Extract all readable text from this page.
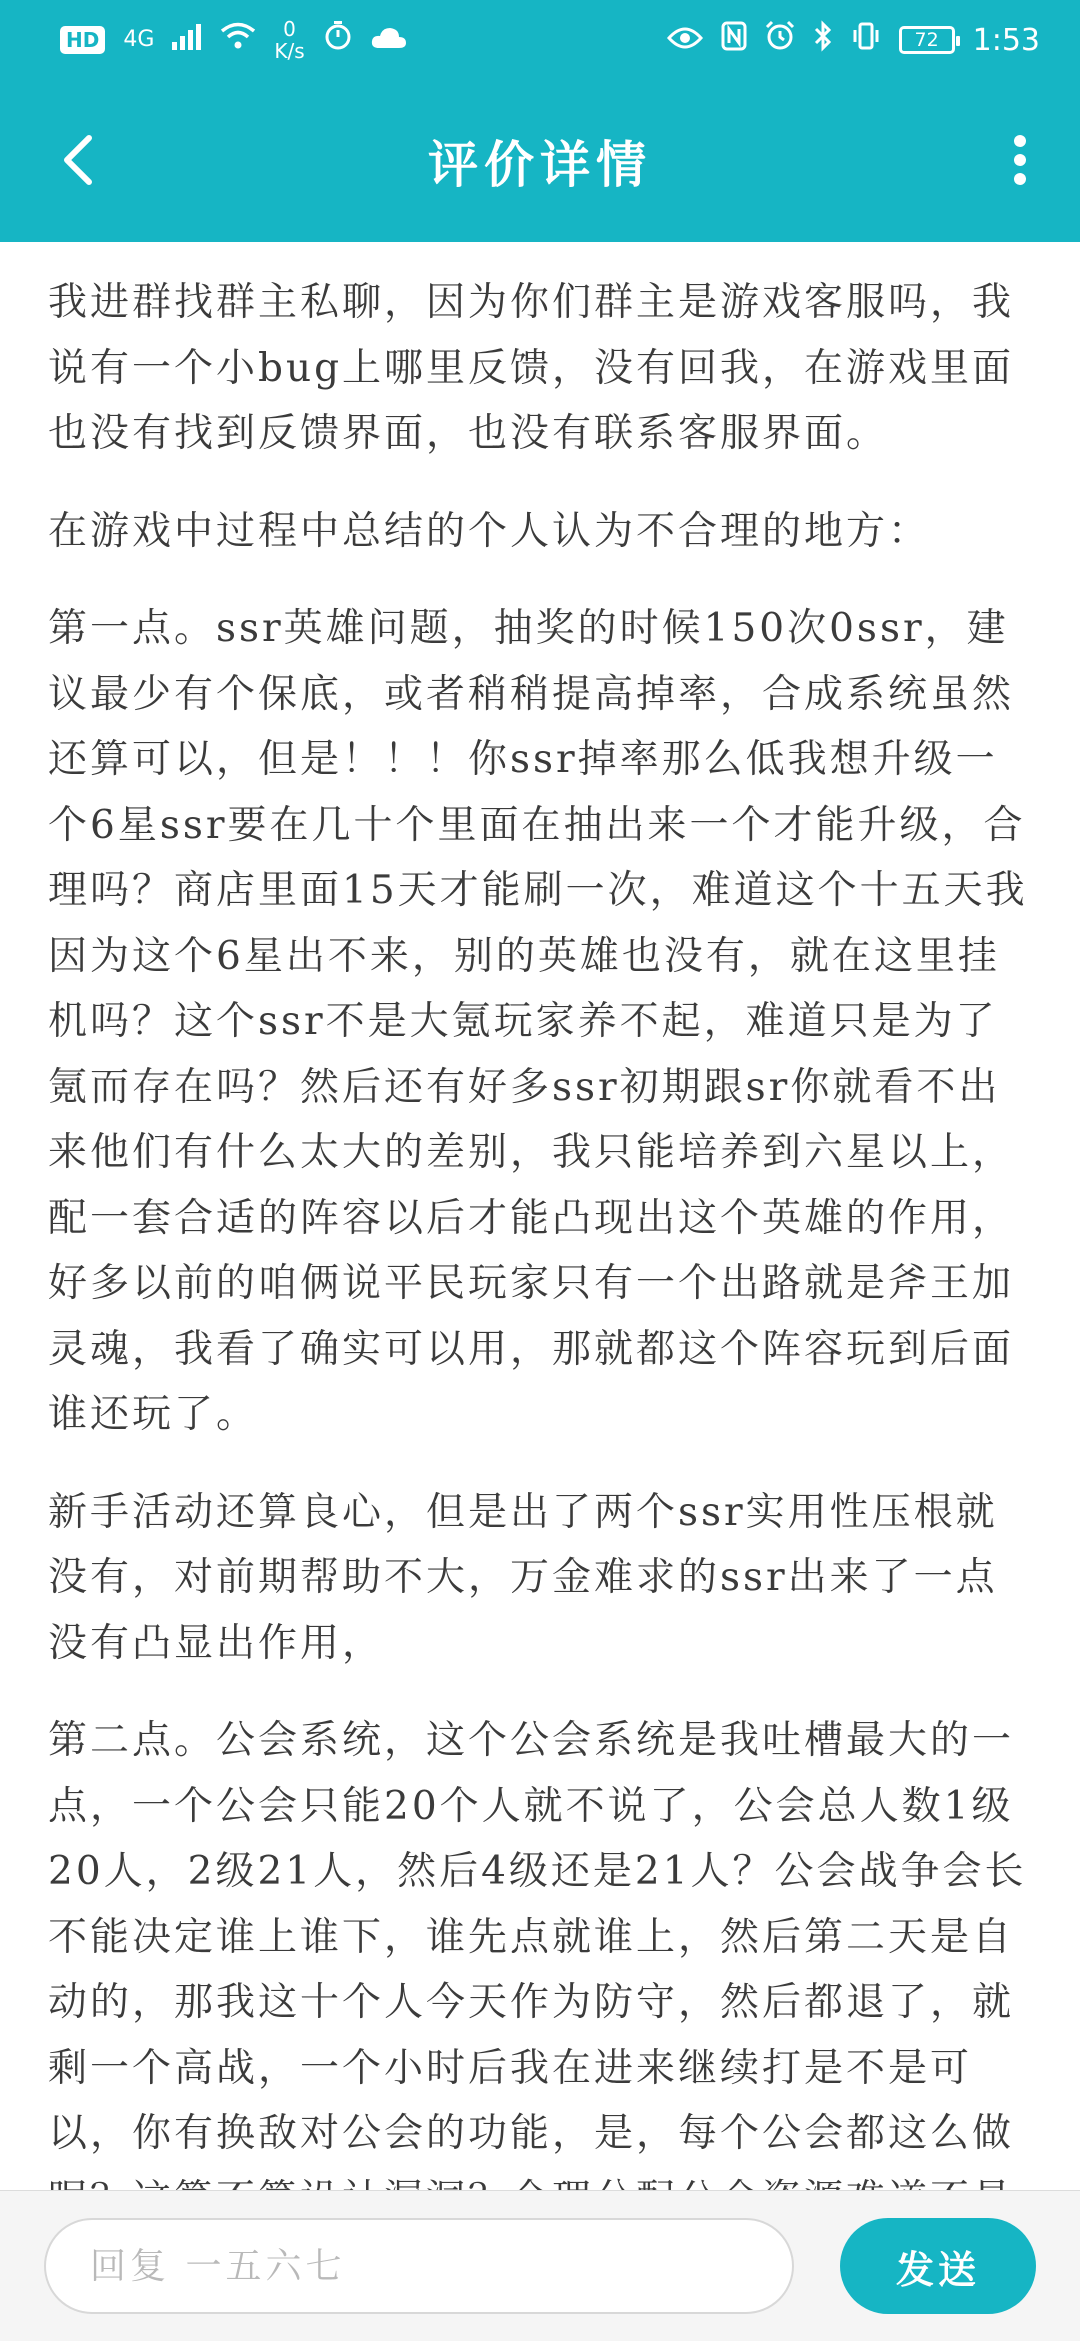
HD 4G	0
K/s	72 1:53
评价详情

我进群找群主私聊，因为你们群主是游戏客服吗，我说有一个小bug上哪里反馈，没有回我，在游戏里面也没有找到反馈界面，也没有联系客服界面。

在游戏中过程中总结的个人认为不合理的地方：

第一点。ssr英雄问题，抽奖的时候150次0ssr，建议最少有个保底，或者稍稍提高掉率，合成系统虽然还算可以，但是！！！你ssr掉率那么低我想升级一个6星ssr要在几十个里面在抽出来一个才能升级，合理吗？商店里面15天才能刷一次，难道这个十五天我因为这个6星出不来，别的英雄也没有，就在这里挂机吗？这个ssr不是大氪玩家养不起，难道只是为了氪而存在吗？然后还有好多ssr初期跟sr你就看不出来他们有什么太大的差别，我只能培养到六星以上，配一套合适的阵容以后才能凸现出这个英雄的作用，好多以前的咱俩说平民玩家只有一个出路就是斧王加灵魂，我看了确实可以用，那就都这个阵容玩到后面谁还玩了。

新手活动还算良心，但是出了两个ssr实用性压根就没有，对前期帮助不大，万金难求的ssr出来了一点没有凸显出作用，

第二点。公会系统，这个公会系统是我吐槽最大的一点，一个公会只能20个人就不说了，公会总人数1级20人，2级21人，然后4级还是21人？公会战争会长不能决定谁上谁下，谁先点就谁上，然后第二天是自动的，那我这十个人今天作为防守，然后都退了，就剩一个高战，一个小时后我在进来继续打是不是可以，你有换敌对公会的功能，是，每个公会都这么做

回复 一五六七
发送
